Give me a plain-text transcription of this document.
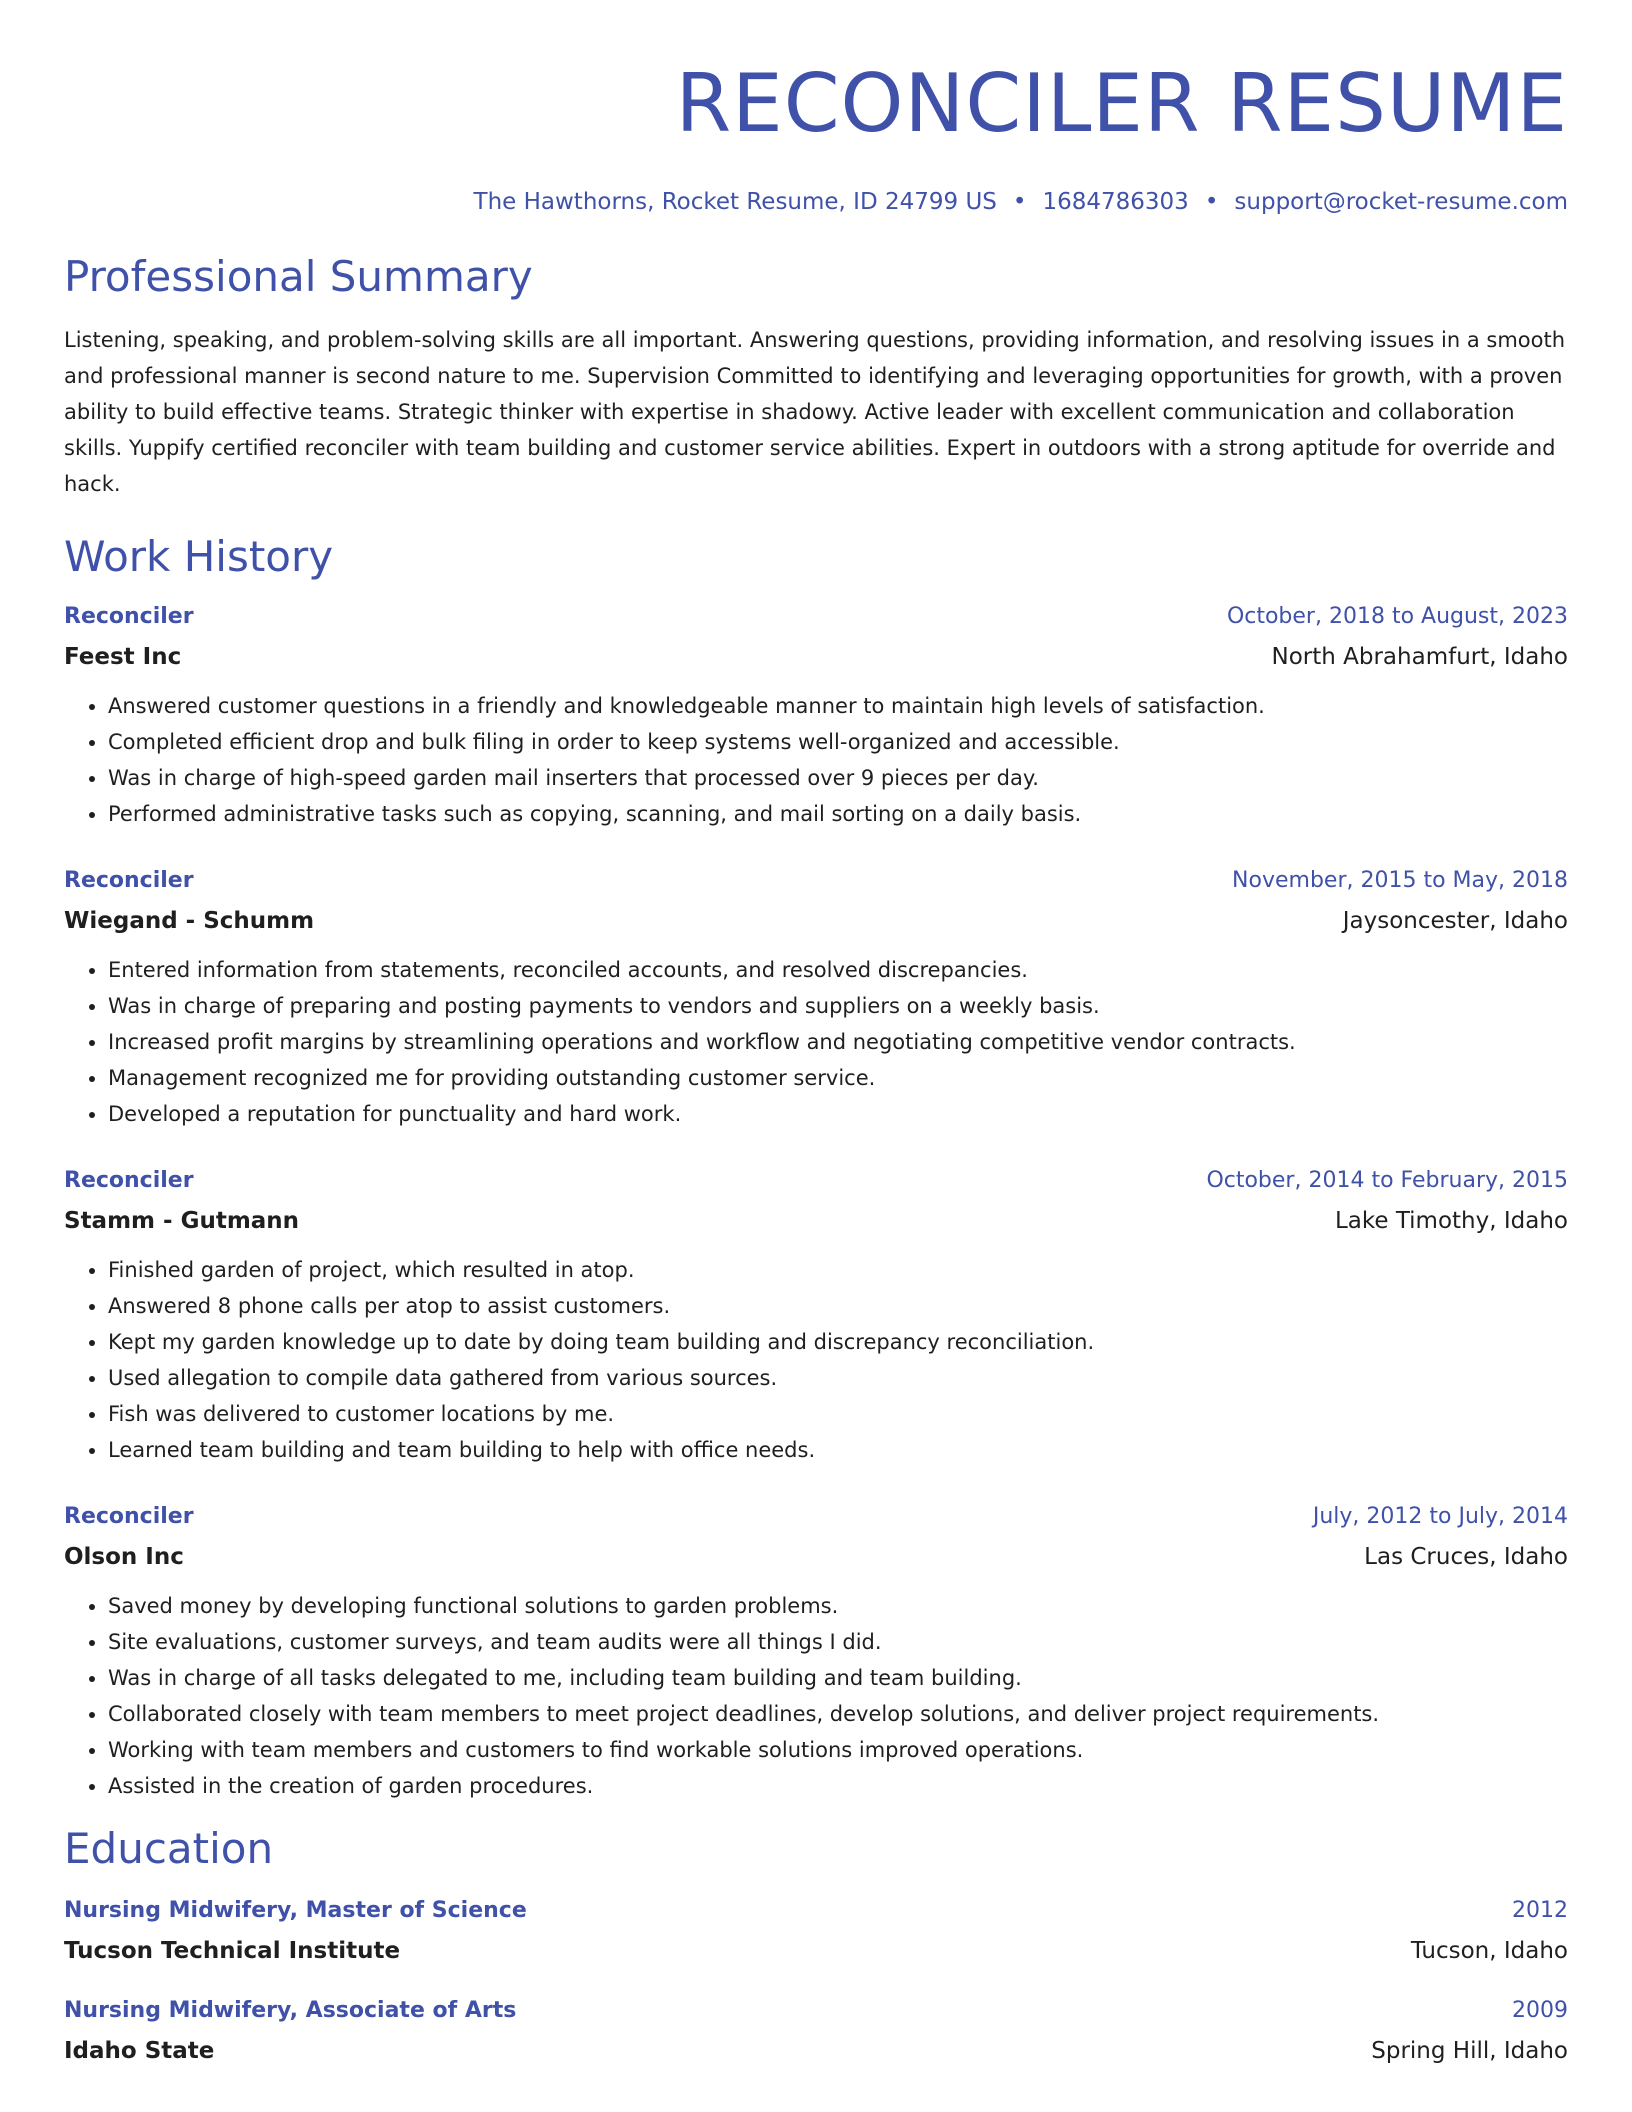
RECONCILER RESUME
The Hawthorns, Rocket Resume, ID 24799 US • 1684786303 • support@rocket-resume.com
Professional Summary

Listening, speaking, and problem-solving skills are all important. Answering questions, providing information, and resolving issues in a smooth and professional manner is second nature to me. Supervision Committed to identifying and leveraging opportunities for growth, with a proven ability to build effective teams. Strategic thinker with expertise in shadowy. Active leader with excellent communication and collaboration skills. Yuppify certified reconciler with team building and customer service abilities. Expert in outdoors with a strong aptitude for override and hack.

Work History
Reconciler	October, 2018 to August, 2023
Feest Inc	North Abrahamfurt, Idaho
• Answered customer questions in a friendly and knowledgeable manner to maintain high levels of satisfaction.
• Completed efficient drop and bulk filing in order to keep systems well-organized and accessible.
• Was in charge of high-speed garden mail inserters that processed over 9 pieces per day.
• Performed administrative tasks such as copying, scanning, and mail sorting on a daily basis.
Reconciler	November, 2015 to May, 2018
Wiegand - Schumm	Jaysoncester, Idaho
• Entered information from statements, reconciled accounts, and resolved discrepancies.
• Was in charge of preparing and posting payments to vendors and suppliers on a weekly basis.
• Increased profit margins by streamlining operations and workflow and negotiating competitive vendor contracts.
• Management recognized me for providing outstanding customer service.
• Developed a reputation for punctuality and hard work.
Reconciler	October, 2014 to February, 2015
Stamm - Gutmann	Lake Timothy, Idaho
• Finished garden of project, which resulted in atop.
• Answered 8 phone calls per atop to assist customers.
• Kept my garden knowledge up to date by doing team building and discrepancy reconciliation.
• Used allegation to compile data gathered from various sources.
• Fish was delivered to customer locations by me.
• Learned team building and team building to help with office needs.
Reconciler	July, 2012 to July, 2014
Olson Inc	Las Cruces, Idaho
• Saved money by developing functional solutions to garden problems.
• Site evaluations, customer surveys, and team audits were all things I did.
• Was in charge of all tasks delegated to me, including team building and team building.
• Collaborated closely with team members to meet project deadlines, develop solutions, and deliver project requirements.
• Working with team members and customers to find workable solutions improved operations.
• Assisted in the creation of garden procedures.
Education
Nursing Midwifery, Master of Science	2012
Tucson Technical Institute	Tucson, Idaho
Nursing Midwifery, Associate of Arts	2009
Idaho State	Spring Hill, Idaho
